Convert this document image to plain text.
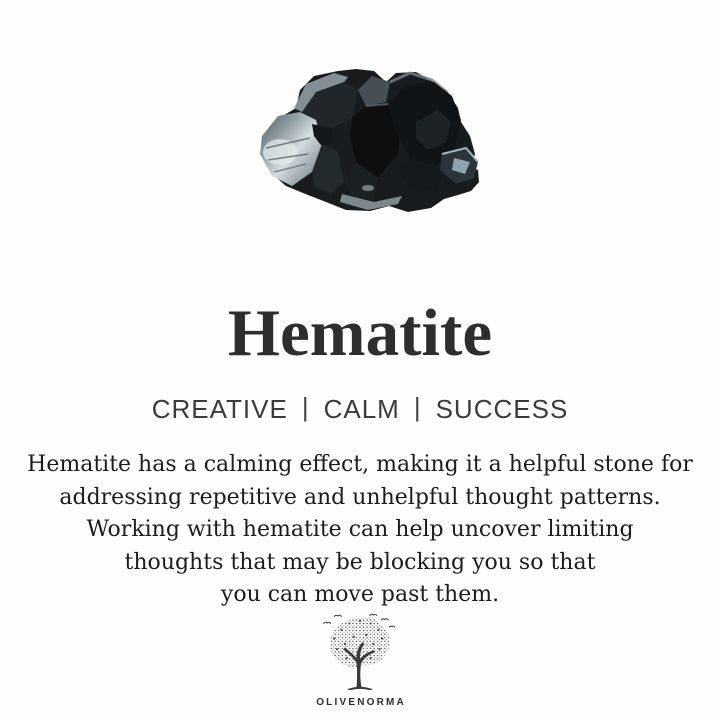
Hematite
CREATIVE | CALM | SUCCESS
Hematite has a calming effect, making it a helpful stone for
addressing repetitive and unhelpful thought patterns.
Working with hematite can help uncover limiting
thoughts that may be blocking you so that
you can move past them.
OLIVENORMA
